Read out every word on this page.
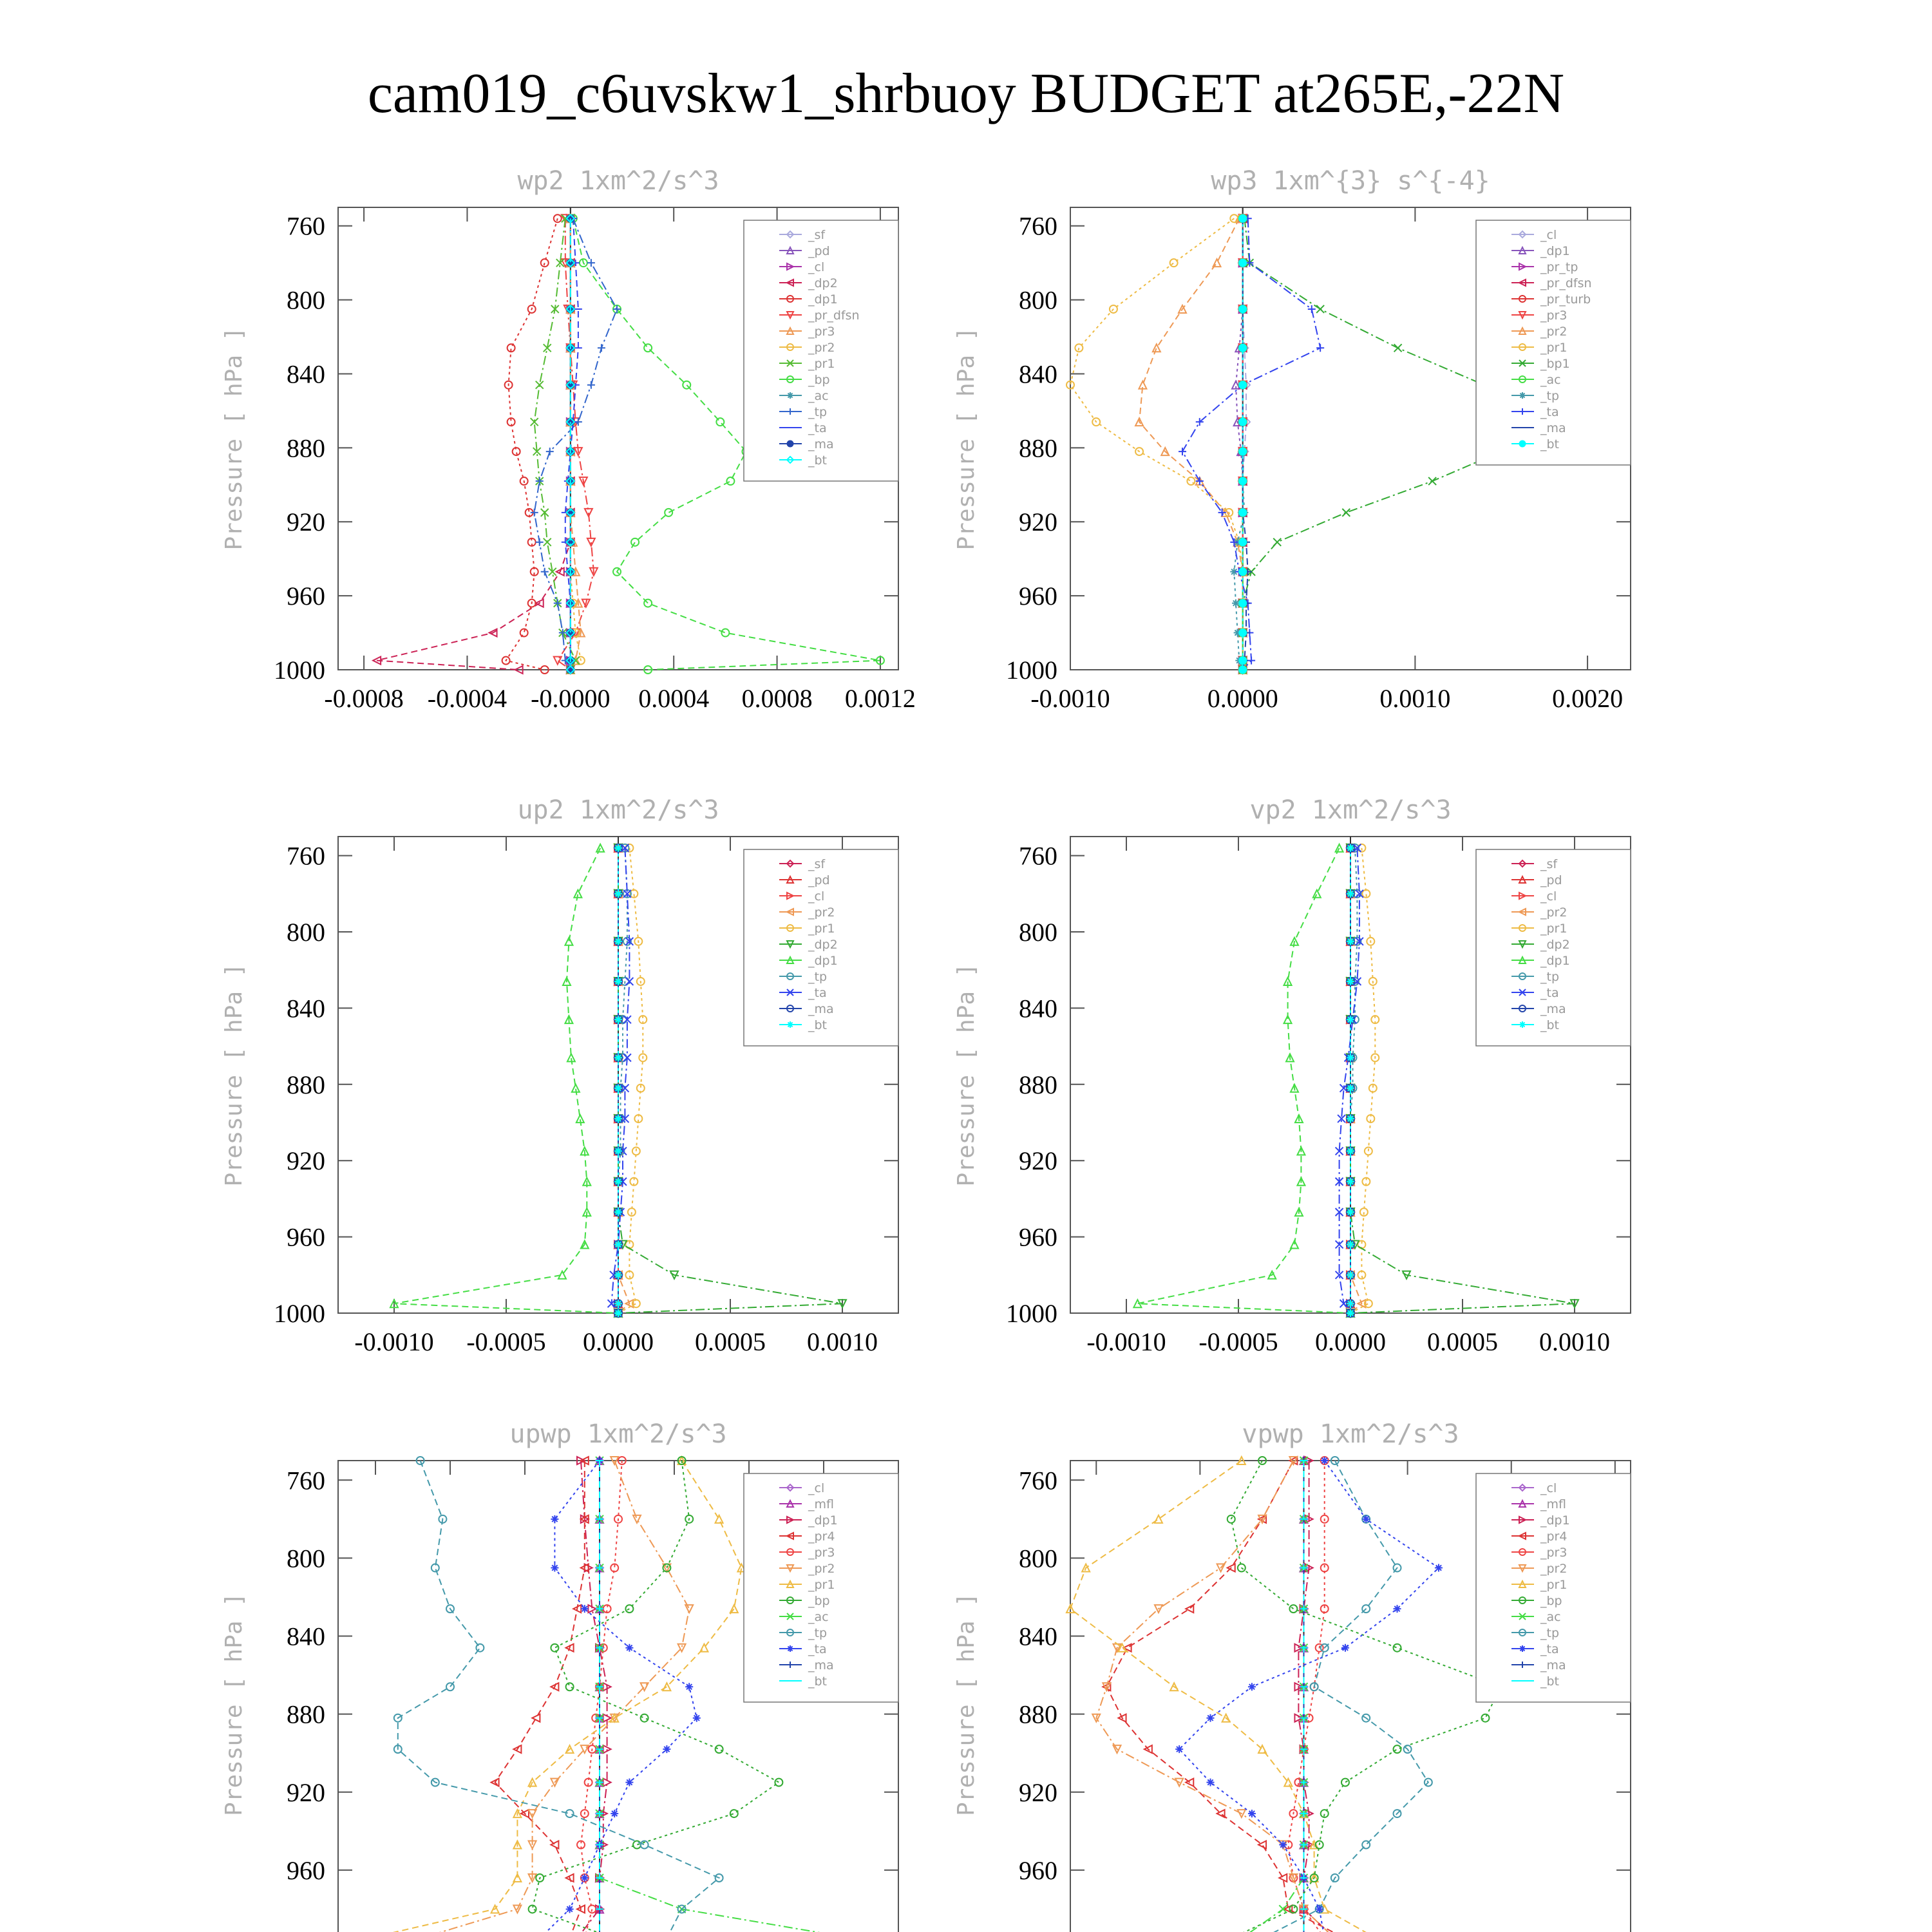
cam019_c6uvskw1_shrbuoy BUDGET at265E,-22N
wp2 1xm^2/s^3
760
800
840
880
920
960
1000
-0.0008 -0.0004 -0.0000 0.0004 0.0008 0.0012
Pressure [ hPa ]
_sf
_pd
_cl
_dp2
_dp1
_pr_dfsn
_pr3
_pr2
_pr1
_bp
_ac
_tp
_ta
_ma
_bt
wp3 1xm^{3} s^{-4}
760
800
840
880
920
960
1000
-0.0010	0.0000	0.0010	0.0020
Pressure [ hPa ]
_cl
_dp1
_pr_tp
_pr_dfsn
_pr_turb
_pr3
_pr2
_pr1
_bp1
_ac
_tp
_ta
_ma
_bt
up2 1xm^2/s^3
760
800
840
880
920
960
1000
-0.0010 -0.0005 0.0000 0.0005 0.0010
Pressure [ hPa ]
_sf
_pd
_cl
_pr2
_pr1
_dp2
_dp1
_tp
_ta
_ma
_bt
vp2 1xm^2/s^3
760
800
840
880
920
960
1000
-0.0010 -0.0005 0.0000 0.0005 0.0010
Pressure [ hPa ]
_sf
_pd
_cl
_pr2
_pr1
_dp2
_dp1
_tp
_ta
_ma
_bt
upwp 1xm^2/s^3
760
800
840
880
920
960
Pressure [ hPa ]
_cl
_mfl
_dp1
_pr4
_pr3
_pr2
_pr1
_bp
_ac
_tp
_ta
_ma
_bt
vpwp 1xm^2/s^3
760
800
840
880
920
960
Pressure [ hPa ]
_cl
_mfl
_dp1
_pr4
_pr3
_pr2
_pr1
_bp
_ac
_tp
_ta
_ma
_bt
